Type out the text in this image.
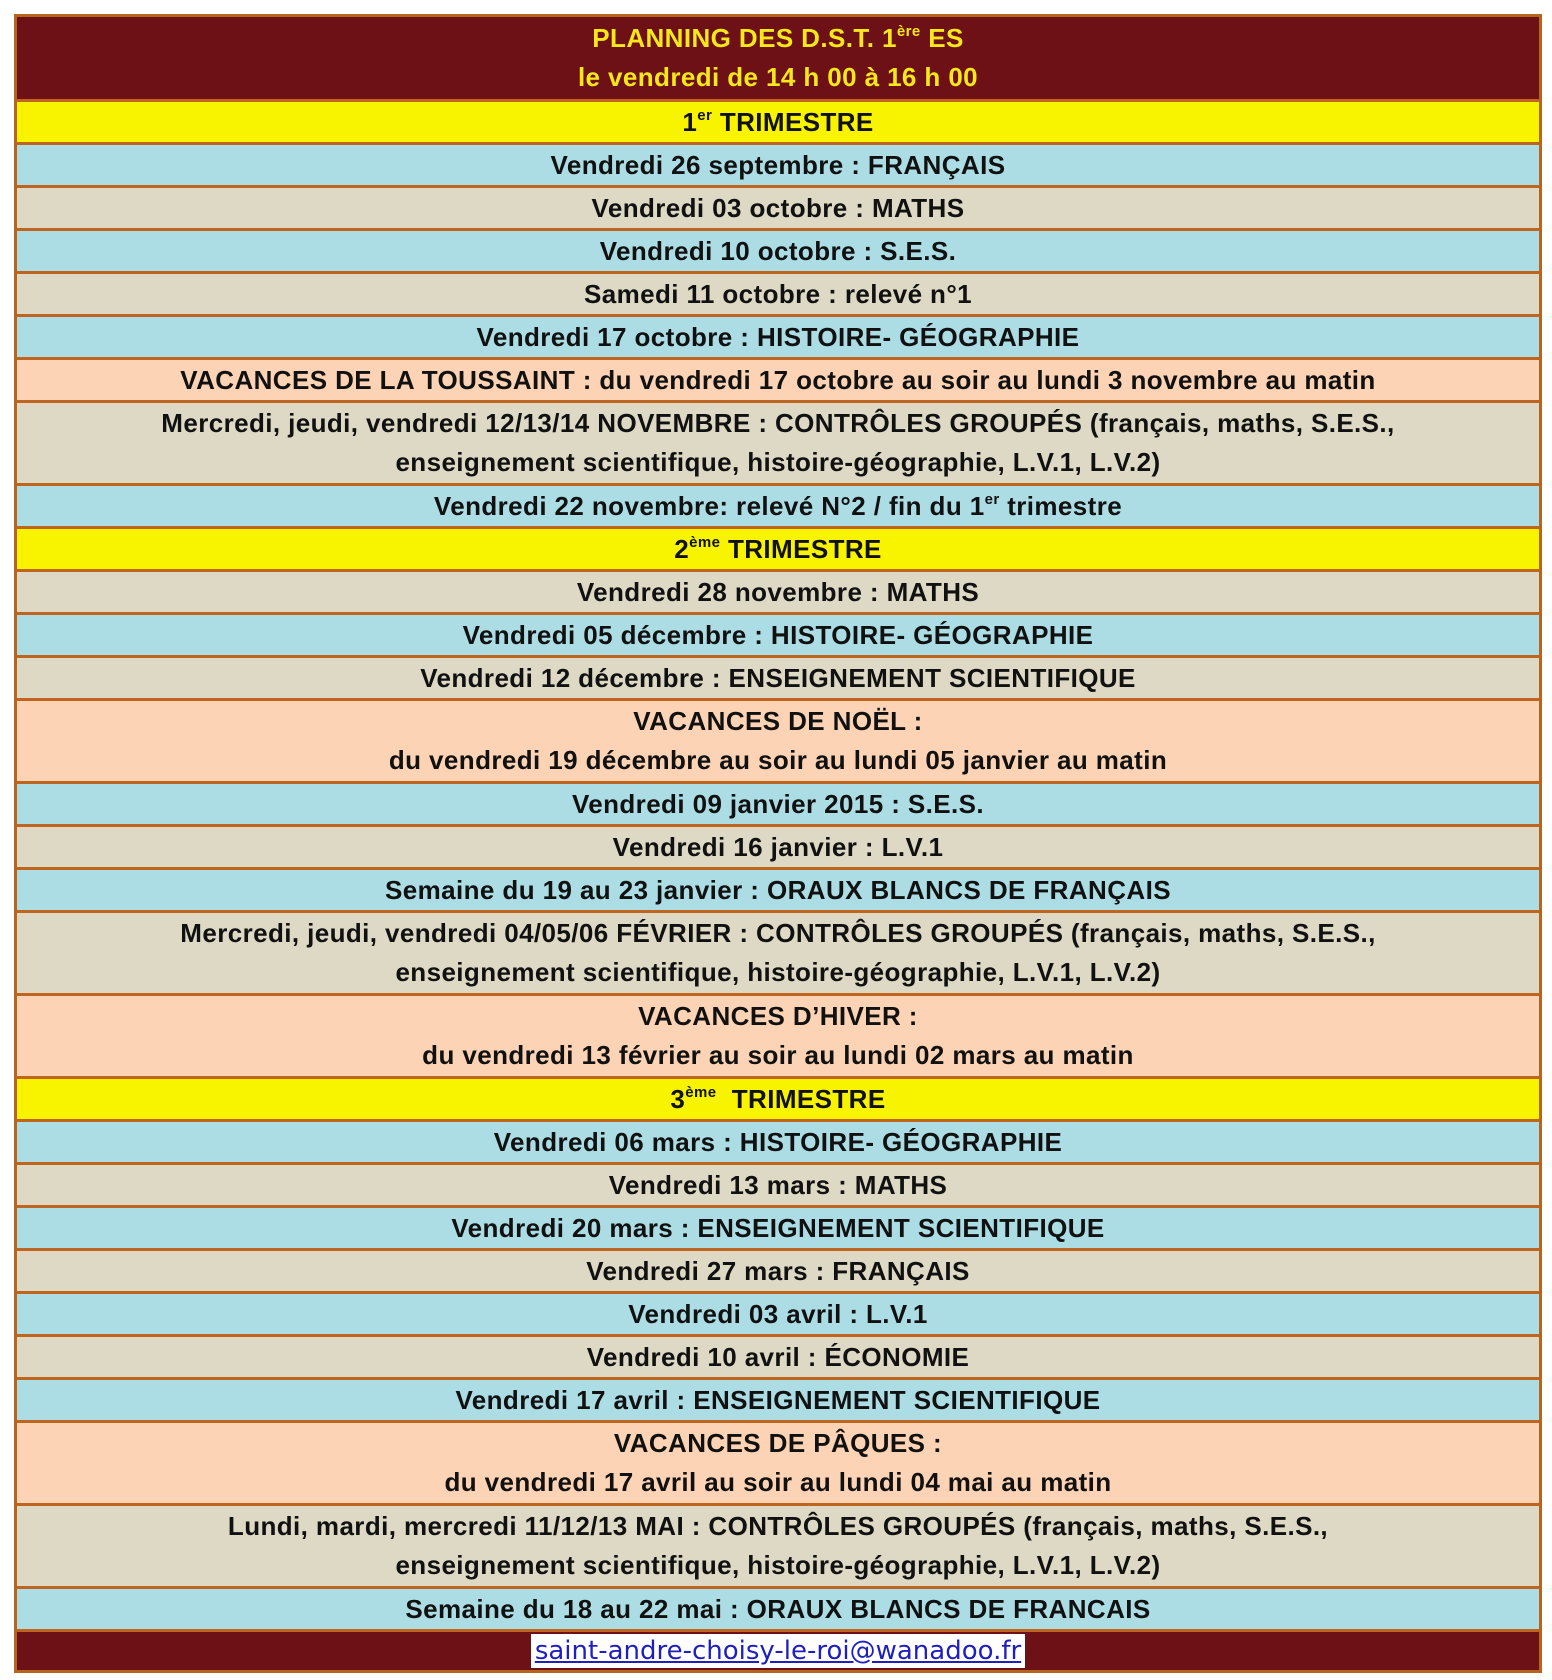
PLANNING DES D.S.T. 1ère ES
le vendredi de 14 h 00 à 16 h 00
1er TRIMESTRE
Vendredi 26 septembre : FRANÇAIS
Vendredi 03 octobre : MATHS
Vendredi 10 octobre : S.E.S.
Samedi 11 octobre : relevé n°1
Vendredi 17 octobre : HISTOIRE- GÉOGRAPHIE
VACANCES DE LA TOUSSAINT : du vendredi 17 octobre au soir au lundi 3 novembre au matin
Mercredi, jeudi, vendredi 12/13/14 NOVEMBRE : CONTRÔLES GROUPÉS (français, maths, S.E.S.,
enseignement scientifique, histoire-géographie, L.V.1, L.V.2)
Vendredi 22 novembre: relevé N°2 / fin du 1er trimestre
2ème TRIMESTRE
Vendredi 28 novembre : MATHS
Vendredi 05 décembre : HISTOIRE- GÉOGRAPHIE
Vendredi 12 décembre : ENSEIGNEMENT SCIENTIFIQUE
VACANCES DE NOËL :
du vendredi 19 décembre au soir au lundi 05 janvier au matin
Vendredi 09 janvier 2015 : S.E.S.
Vendredi 16 janvier : L.V.1
Semaine du 19 au 23 janvier : ORAUX BLANCS DE FRANÇAIS
Mercredi, jeudi, vendredi 04/05/06 FÉVRIER : CONTRÔLES GROUPÉS (français, maths, S.E.S.,
enseignement scientifique, histoire-géographie, L.V.1, L.V.2)
VACANCES D’HIVER :
du vendredi 13 février au soir au lundi 02 mars au matin
3ème  TRIMESTRE
Vendredi 06 mars : HISTOIRE- GÉOGRAPHIE
Vendredi 13 mars : MATHS
Vendredi 20 mars : ENSEIGNEMENT SCIENTIFIQUE
Vendredi 27 mars : FRANÇAIS
Vendredi 03 avril : L.V.1
Vendredi 10 avril : ÉCONOMIE
Vendredi 17 avril : ENSEIGNEMENT SCIENTIFIQUE
VACANCES DE PÂQUES :
du vendredi 17 avril au soir au lundi 04 mai au matin
Lundi, mardi, mercredi 11/12/13 MAI : CONTRÔLES GROUPÉS (français, maths, S.E.S.,
enseignement scientifique, histoire-géographie, L.V.1, L.V.2)
Semaine du 18 au 22 mai : ORAUX BLANCS DE FRANCAIS
saint-andre-choisy-le-roi@wanadoo.fr
